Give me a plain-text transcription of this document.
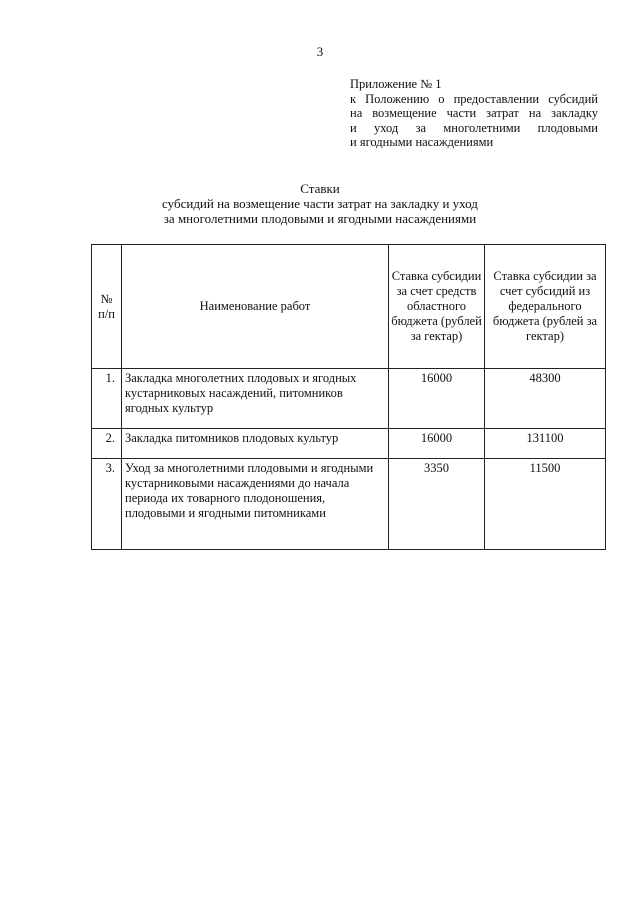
3
Приложение № 1
к Положению о предоставлении субсидий
на возмещение части затрат на закладку
и уход за многолетними плодовыми
и ягодными насаждениями
Ставки
субсидий на возмещение части затрат на закладку и уход
за многолетними плодовыми и ягодными насаждениями
№ п/п	Наименование работ	Ставка субсидии за счет средств областного бюджета (рублей за гектар)	Ставка субсидии за счет субсидий из федерального бюджета (рублей за гектар)
1.	Закладка многолетних плодовых и ягодных кустарниковых насаждений, питомников ягодных культур	16000	48300
2.	Закладка питомников плодовых культур	16000	131100
3.	Уход за многолетними плодовыми и ягодными кустарниковыми насаждениями до начала периода их товарного плодоношения, плодовыми и ягодными питомниками	3350	11500
